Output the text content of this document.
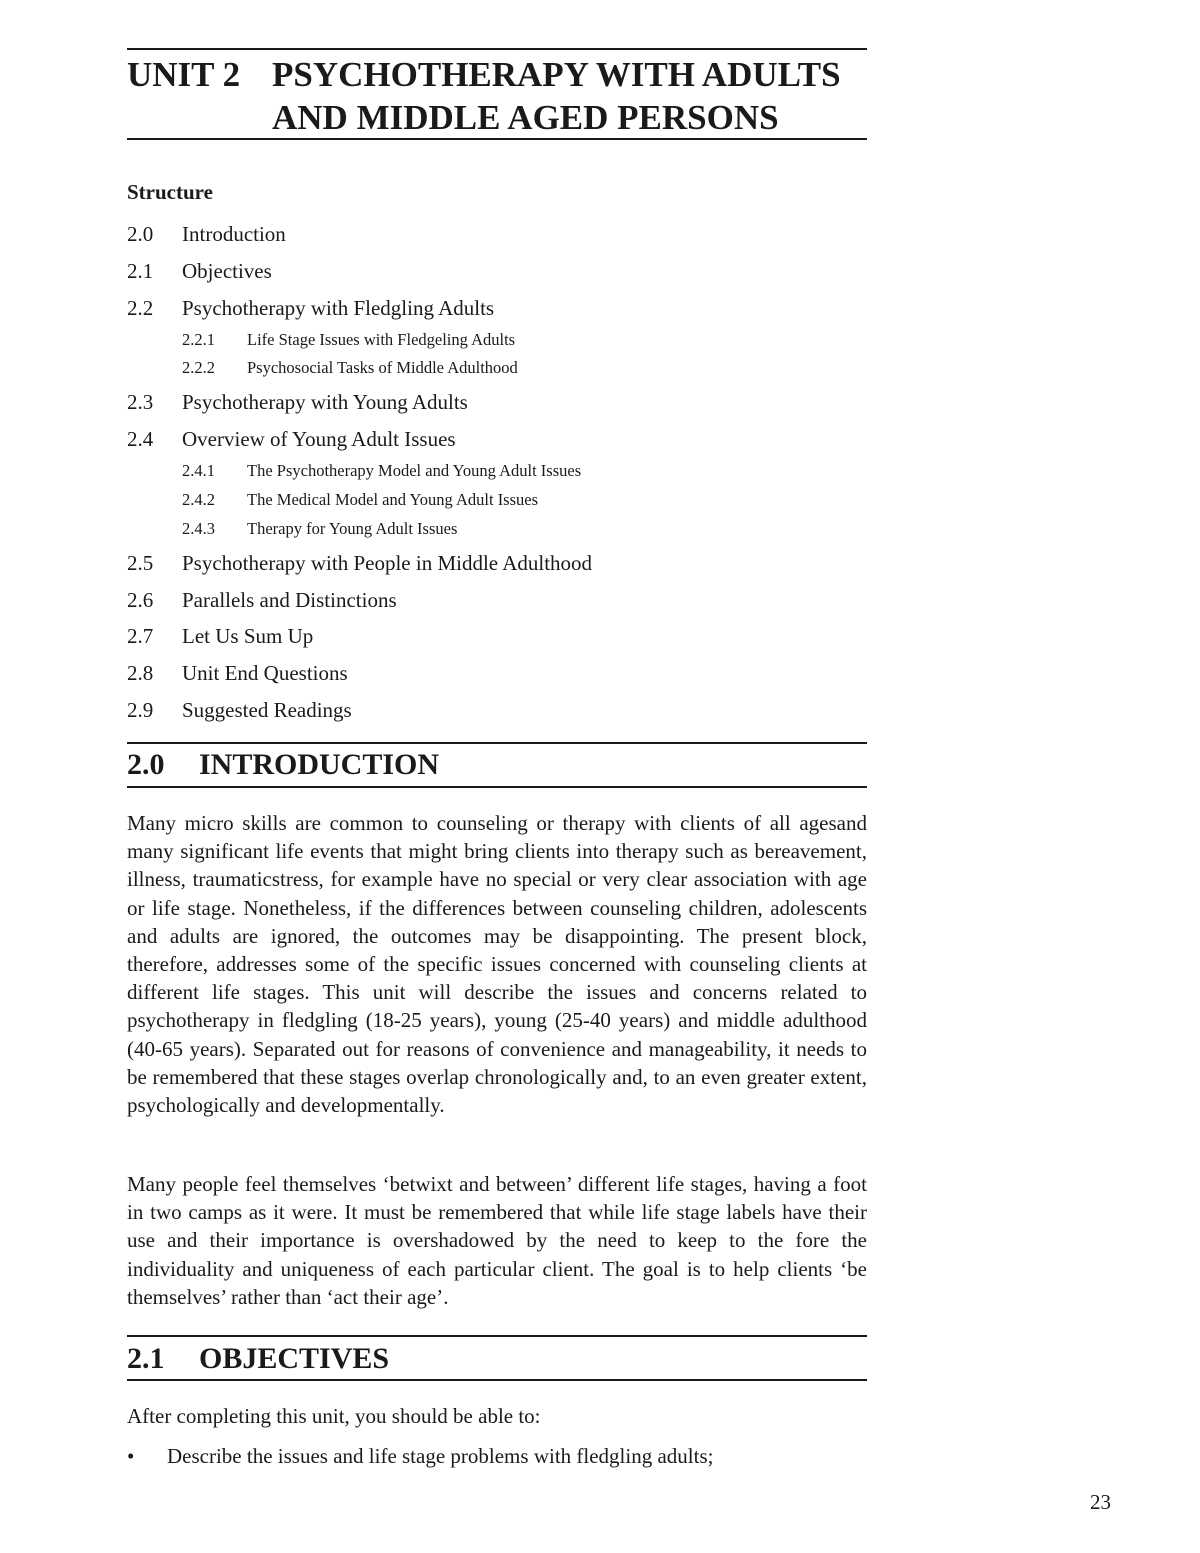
UNIT 2 PSYCHOTHERAPY WITH ADULTS
AND MIDDLE AGED PERSONS
Structure
2.0 Introduction
2.1 Objectives
2.2 Psychotherapy with Fledgling Adults
2.2.1 Life Stage Issues with Fledgeling Adults
2.2.2 Psychosocial Tasks of Middle Adulthood
2.3 Psychotherapy with Young Adults
2.4 Overview of Young Adult Issues
2.4.1 The Psychotherapy Model and Young Adult Issues
2.4.2 The Medical Model and Young Adult Issues
2.4.3 Therapy for Young Adult Issues
2.5 Psychotherapy with People in Middle Adulthood
2.6 Parallels and Distinctions
2.7 Let Us Sum Up
2.8 Unit End Questions
2.9 Suggested Readings
2.0 INTRODUCTION

Many micro skills are common to counseling or therapy with clients of all agesand many significant life events that might bring clients into therapy such as bereavement, illness, traumaticstress, for example have no special or very clear association with age or life stage. Nonetheless, if the differences between counseling children, adolescents and adults are ignored, the outcomes may be disappointing. The present block, therefore, addresses some of the specific issues concerned with counseling clients at different life stages. This unit will describe the issues and concerns related to psychotherapy in fledgling (18-25 years), young (25-40 years) and middle adulthood (40-65 years). Separated out for reasons of convenience and manageability, it needs to be remembered that these stages overlap chronologically and, to an even greater extent, psychologically and developmentally.

Many people feel themselves ‘betwixt and between’ different life stages, having a foot in two camps as it were. It must be remembered that while life stage labels have their use and their importance is overshadowed by the need to keep to the fore the individuality and uniqueness of each particular client. The goal is to help clients ‘be themselves’ rather than ‘act their age’.

2.1 OBJECTIVES
After completing this unit, you should be able to:
• Describe the issues and life stage problems with fledgling adults;
23
